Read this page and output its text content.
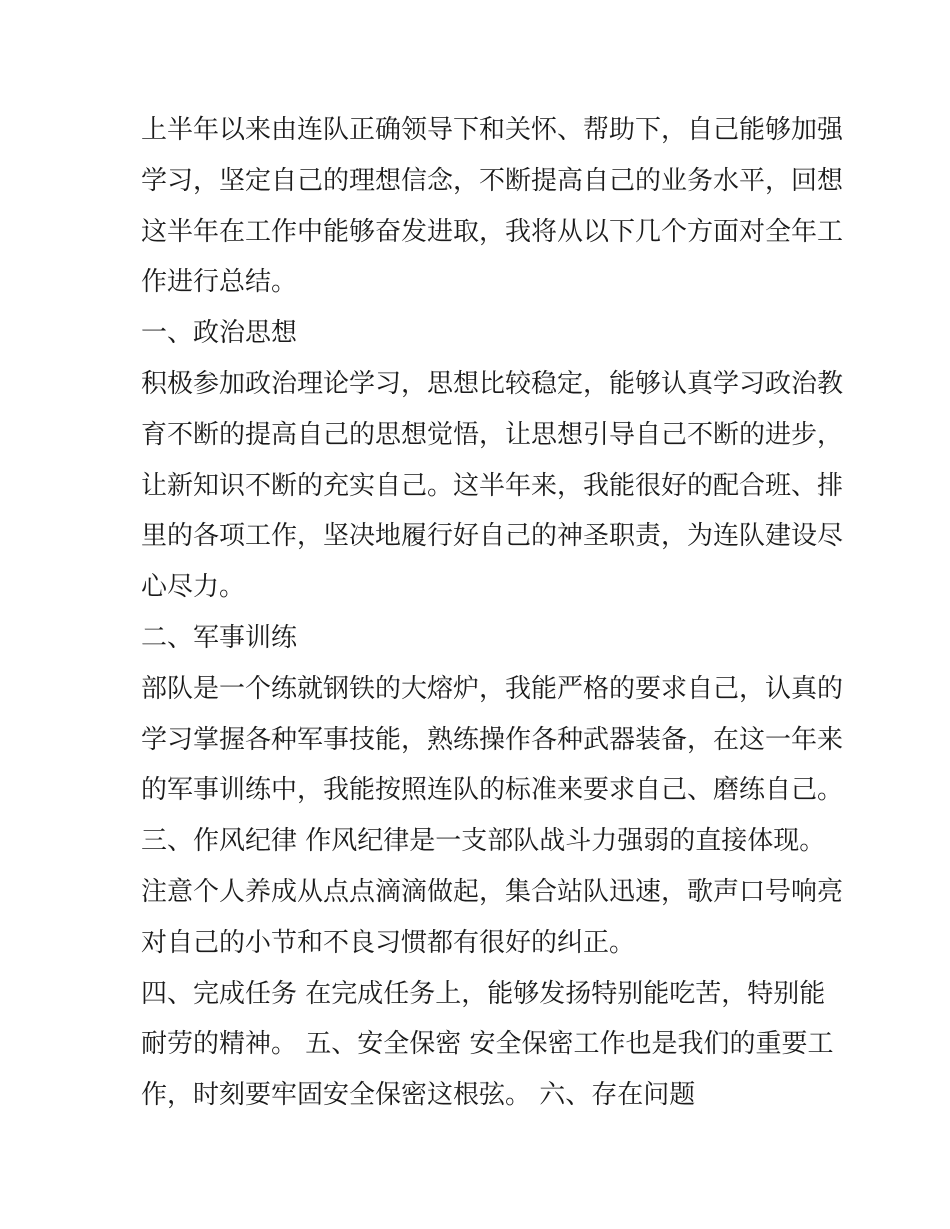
上半年以来由连队正确领导下和关怀、帮助下，自己能够加强
学习，坚定自己的理想信念，不断提高自己的业务水平，回想
这半年在工作中能够奋发进取，我将从以下几个方面对全年工
作进行总结。
一、政治思想
积极参加政治理论学习，思想比较稳定，能够认真学习政治教
育不断的提高自己的思想觉悟，让思想引导自己不断的进步，
让新知识不断的充实自己。这半年来，我能很好的配合班、排
里的各项工作，坚决地履行好自己的神圣职责，为连队建设尽
心尽力。
二、军事训练
部队是一个练就钢铁的大熔炉，我能严格的要求自己，认真的
学习掌握各种军事技能，熟练操作各种武器装备，在这一年来
的军事训练中，我能按照连队的标准来要求自己、磨练自己。
三、作风纪律 作风纪律是一支部队战斗力强弱的直接体现。
注意个人养成从点点滴滴做起，集合站队迅速，歌声口号响亮
对自己的小节和不良习惯都有很好的纠正。
四、完成任务 在完成任务上，能够发扬特别能吃苦，特别能
耐劳的精神。 五、安全保密 安全保密工作也是我们的重要工
作，时刻要牢固安全保密这根弦。 六、存在问题
